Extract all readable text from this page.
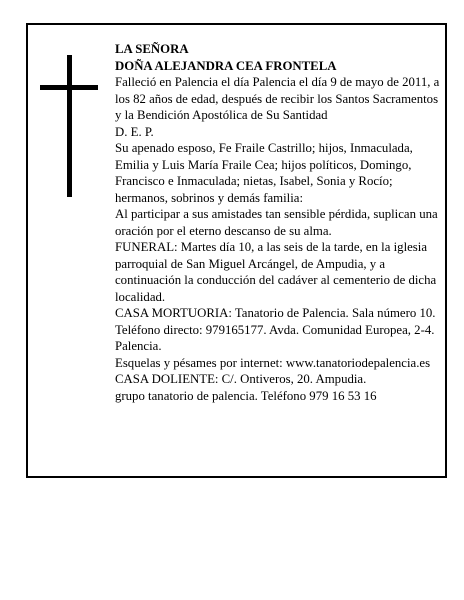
LA SEÑORA

DOÑA ALEJANDRA CEA FRONTELA

Falleció en Palencia el día Palencia el día 9 de mayo de 2011, a los 82 años de edad, después de recibir los Santos Sacramentos y la Bendición Apostólica de Su Santidad

D. E. P.

Su apenado esposo, Fe Fraile Castrillo; hijos, Inmaculada, Emilia y Luis María Fraile Cea; hijos políticos, Domingo, Francisco e Inmaculada; nietas, Isabel, Sonia y Rocío; hermanos, sobrinos y demás familia:

Al participar a sus amistades tan sensible pérdida, suplican una oración por el eterno descanso de su alma.

FUNERAL: Martes día 10, a las seis de la tarde, en la iglesia parroquial de San Miguel Arcángel, de Ampudia, y a continuación la conducción del cadáver al cementerio de dicha localidad.

CASA MORTUORIA: Tanatorio de Palencia. Sala número 10. Teléfono directo: 979165177. Avda. Comunidad Europea, 2-4. Palencia.

Esquelas y pésames por internet: www.tanatoriodepalencia.es

CASA DOLIENTE: C/. Ontiveros, 20. Ampudia.

grupo tanatorio de palencia. Teléfono 979 16 53 16
